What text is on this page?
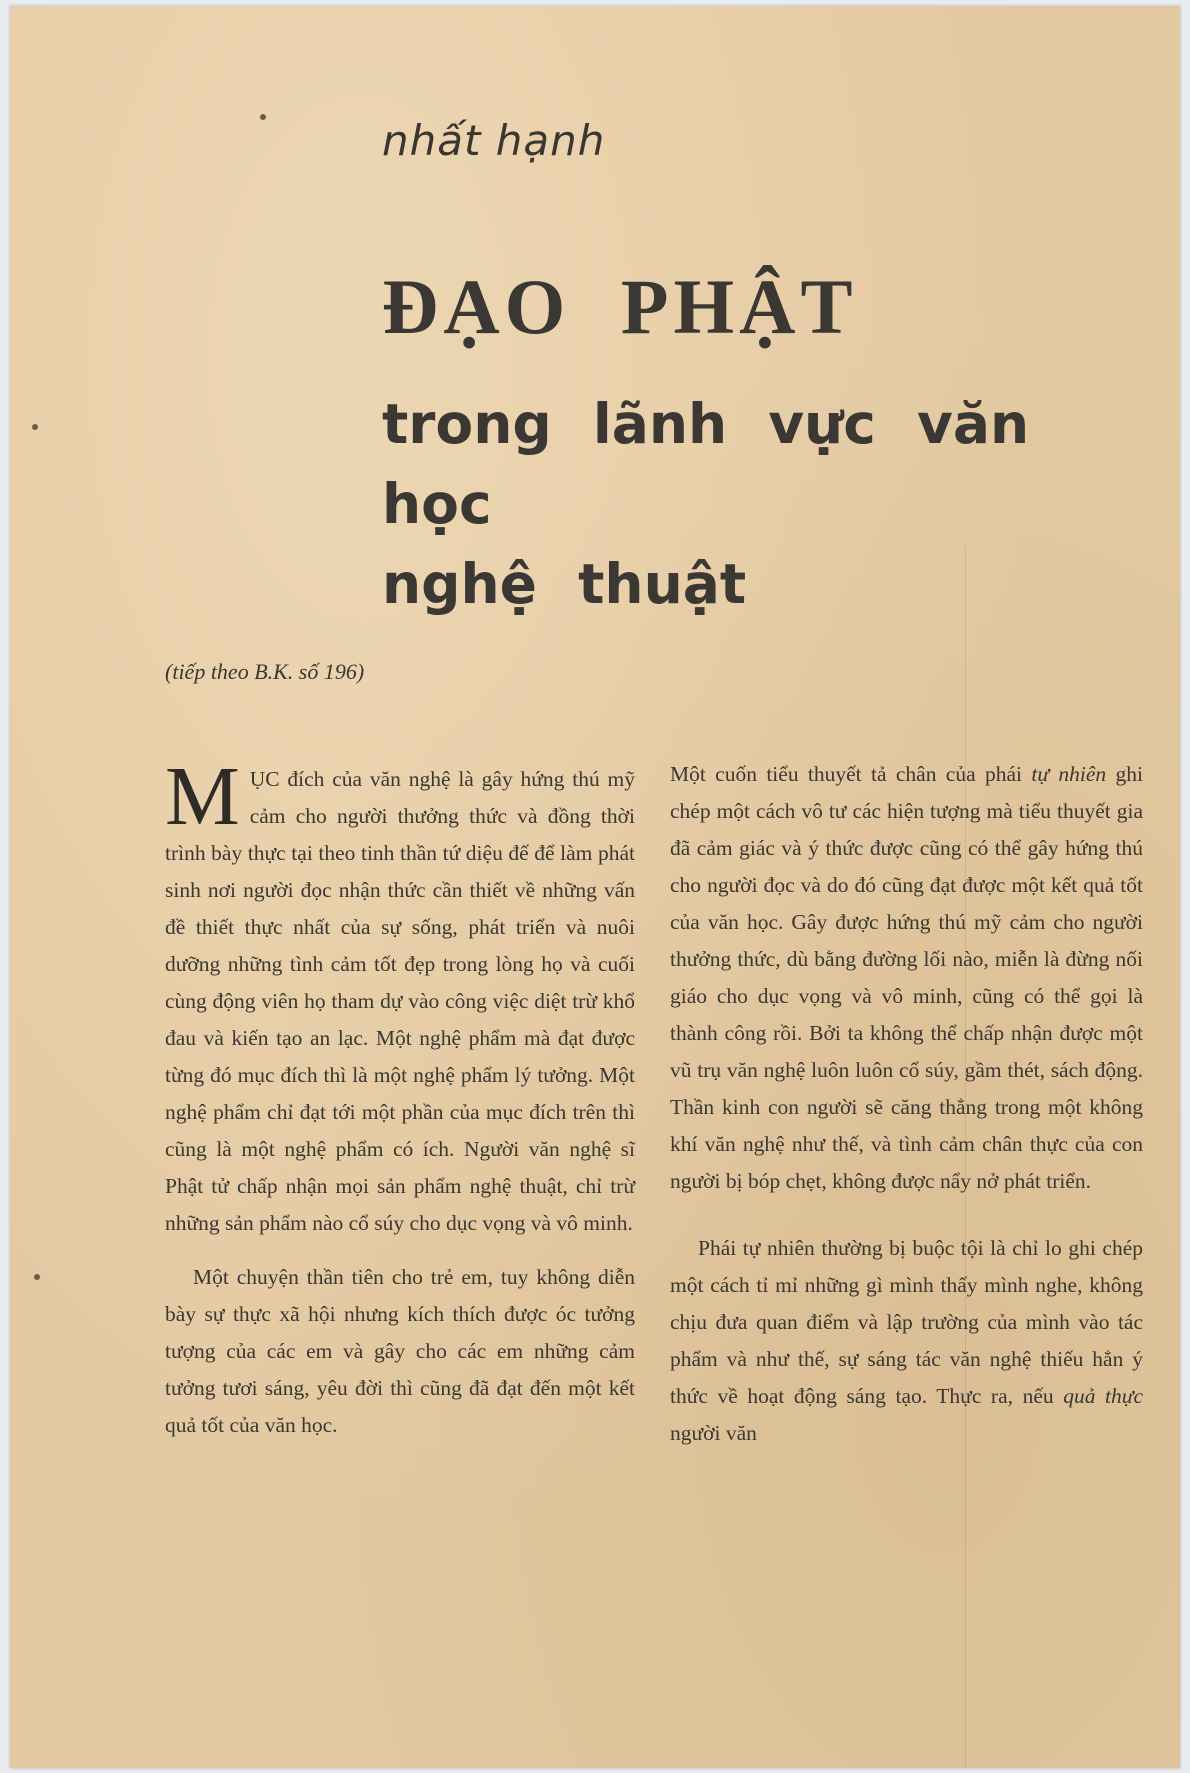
nhất hạnh
ĐẠO PHẬT
trong lãnh vực văn học
nghệ thuật
(tiếp theo B.K. số 196)

MỤC đích của văn nghệ là gây hứng thú mỹ cảm cho người thưởng thức và đồng thời trình bày thực tại theo tinh thần tứ diệu đế để làm phát sinh nơi người đọc nhận thức cần thiết về những vấn đề thiết thực nhất của sự sống, phát triển và nuôi dưỡng những tình cảm tốt đẹp trong lòng họ và cuối cùng động viên họ tham dự vào công việc diệt trừ khổ đau và kiến tạo an lạc. Một nghệ phẩm mà đạt được từng đó mục đích thì là một nghệ phẩm lý tưởng. Một nghệ phẩm chỉ đạt tới một phần của mục đích trên thì cũng là một nghệ phẩm có ích. Người văn nghệ sĩ Phật tử chấp nhận mọi sản phẩm nghệ thuật, chỉ trừ những sản phẩm nào cổ súy cho dục vọng và vô minh.

Một chuyện thần tiên cho trẻ em, tuy không diễn bày sự thực xã hội nhưng kích thích được óc tưởng tượng của các em và gây cho các em những cảm tưởng tươi sáng, yêu đời thì cũng đã đạt đến một kết quả tốt của văn học.

Một cuốn tiểu thuyết tả chân của phái tự nhiên ghi chép một cách vô tư các hiện tượng mà tiểu thuyết gia đã cảm giác và ý thức được cũng có thể gây hứng thú cho người đọc và do đó cũng đạt được một kết quả tốt của văn học. Gây được hứng thú mỹ cảm cho người thưởng thức, dù bằng đường lối nào, miễn là đừng nối giáo cho dục vọng và vô minh, cũng có thể gọi là thành công rồi. Bởi ta không thể chấp nhận được một vũ trụ văn nghệ luôn luôn cổ súy, gầm thét, sách động. Thần kinh con người sẽ căng thẳng trong một không khí văn nghệ như thế, và tình cảm chân thực của con người bị bóp chẹt, không được nẩy nở phát triển.

Phái tự nhiên thường bị buộc tội là chỉ lo ghi chép một cách tỉ mỉ những gì mình thấy mình nghe, không chịu đưa quan điểm và lập trường của mình vào tác phẩm và như thế, sự sáng tác văn nghệ thiếu hẳn ý thức về hoạt động sáng tạo. Thực ra, nếu quả thực người văn
